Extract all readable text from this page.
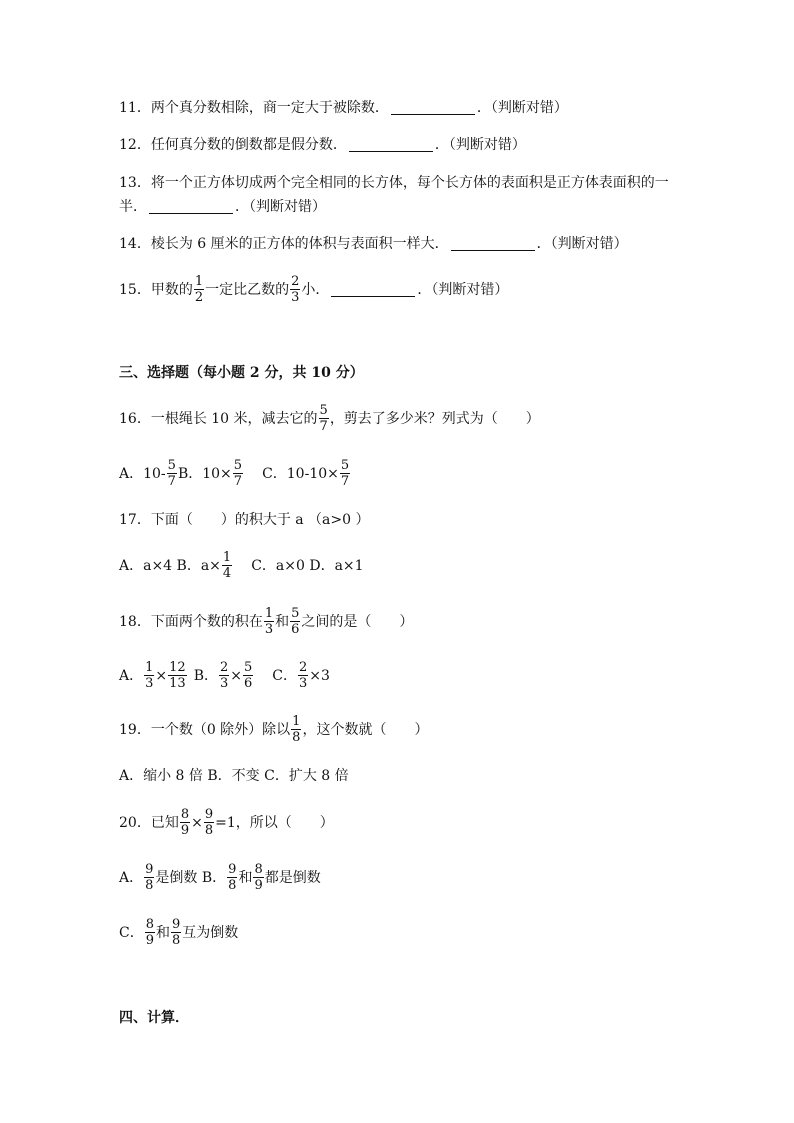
11．两个真分数相除，商一定大于被除数．	．（判断对错）
12．任何真分数的倒数都是假分数．	．（判断对错）
13．将一个正方体切成两个完全相同的长方体，每个长方体的表面积是正方体表面积的一
半．	．（判断对错）
14．棱长为 6 厘米的正方体的体积与表面积一样大．	．（判断对错）
15．甲数的 $\frac{1}{2}$ 一定比乙数的 $\frac{2}{3}$ 小．	．（判断对错）
三、选择题（每小题 2 分，共 10 分）
16．一根绳长 10 米，减去它的 $\frac{5}{7}$ ，剪去了多少米？列式为（　　）
A．$10- \frac{5}{7}$ B．$10\times \frac{5}{7}$ C．$10-10\times \frac{5}{7}$
17．下面（　　）的积大于 a （a>0 ）
A．a×4 B．$a\times \frac{1}{4}$ C．a×0 D．a×1
18．下面两个数的积在 $\frac{1}{3}$ 和 $\frac{5}{6}$ 之间的是（　　）
A． $\frac{1}{3} \times \frac{12}{13}$ B． $\frac{2}{3} \times \frac{5}{6}$ C． $\frac{2}{3} \times 3$
19．一个数（0 除外）除以 $\frac{1}{8}$ ，这个数就（　　）
A．缩小 8 倍 B．不变 C．扩大 8 倍
20．已知 $\frac{8}{9} \times \frac{9}{8} =1$，所以（　　）
A． $\frac{9}{8}$ 是倒数 B． $\frac{9}{8}$ 和 $\frac{8}{9}$ 都是倒数
C． $\frac{8}{9}$ 和 $\frac{9}{8}$ 互为倒数
四、计算．
